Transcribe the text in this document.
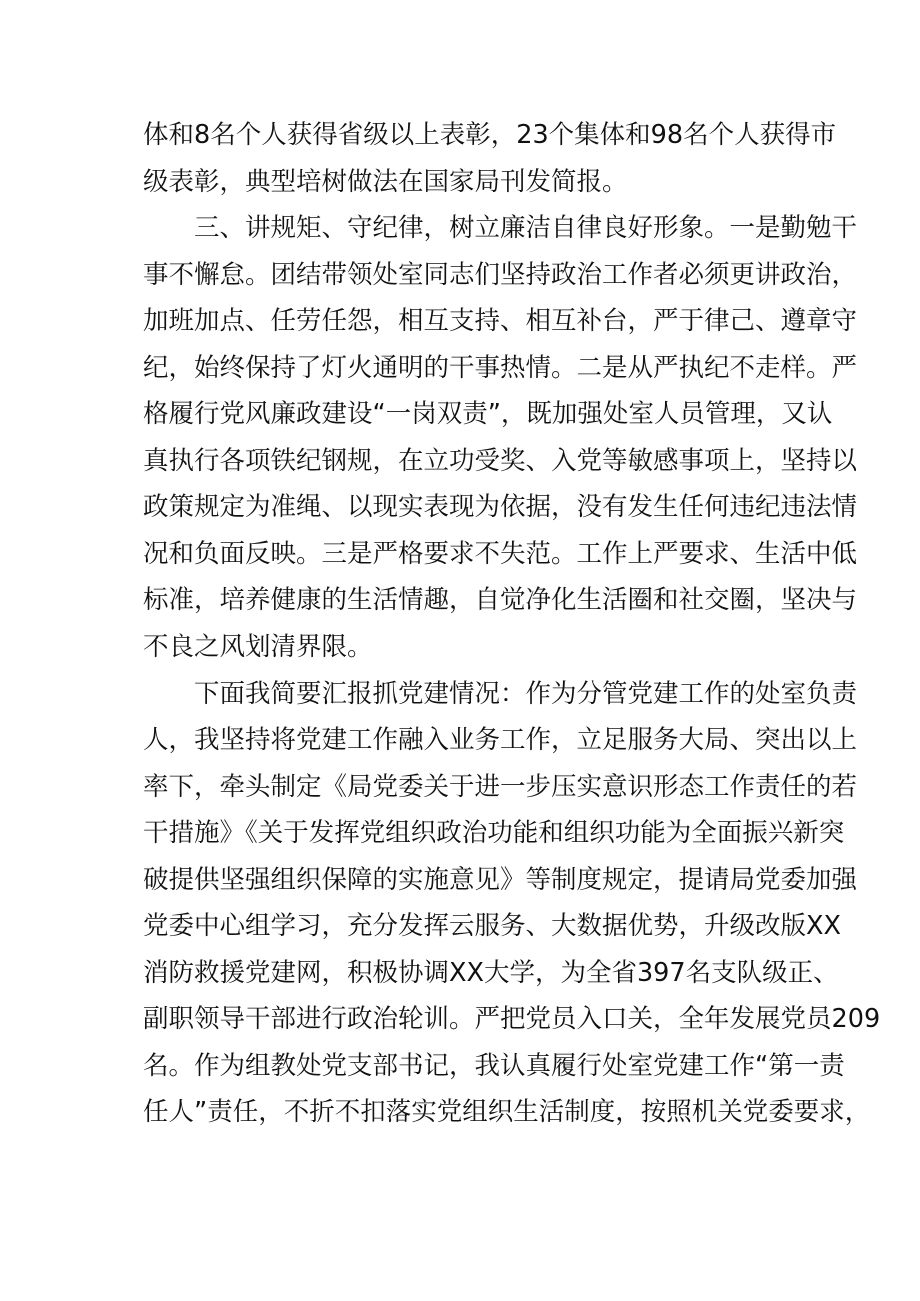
体和8名个人获得省级以上表彰，23个集体和98名个人获得市
级表彰，典型培树做法在国家局刊发简报。
　　三、讲规矩、守纪律，树立廉洁自律良好形象。一是勤勉干
事不懈怠。团结带领处室同志们坚持政治工作者必须更讲政治，
加班加点、任劳任怨，相互支持、相互补台，严于律己、遵章守
纪，始终保持了灯火通明的干事热情。二是从严执纪不走样。严
格履行党风廉政建设“一岗双责”，既加强处室人员管理，又认
真执行各项铁纪钢规，在立功受奖、入党等敏感事项上，坚持以
政策规定为准绳、以现实表现为依据，没有发生任何违纪违法情
况和负面反映。三是严格要求不失范。工作上严要求、生活中低
标准，培养健康的生活情趣，自觉净化生活圈和社交圈，坚决与
不良之风划清界限。
　　下面我简要汇报抓党建情况：作为分管党建工作的处室负责
人，我坚持将党建工作融入业务工作，立足服务大局、突出以上
率下，牵头制定《局党委关于进一步压实意识形态工作责任的若
干措施》《关于发挥党组织政治功能和组织功能为全面振兴新突
破提供坚强组织保障的实施意见》等制度规定，提请局党委加强
党委中心组学习，充分发挥云服务、大数据优势，升级改版XX
消防救援党建网，积极协调XX大学，为全省397名支队级正、
副职领导干部进行政治轮训。严把党员入口关，全年发展党员209
名。作为组教处党支部书记，我认真履行处室党建工作“第一责
任人”责任，不折不扣落实党组织生活制度，按照机关党委要求，
